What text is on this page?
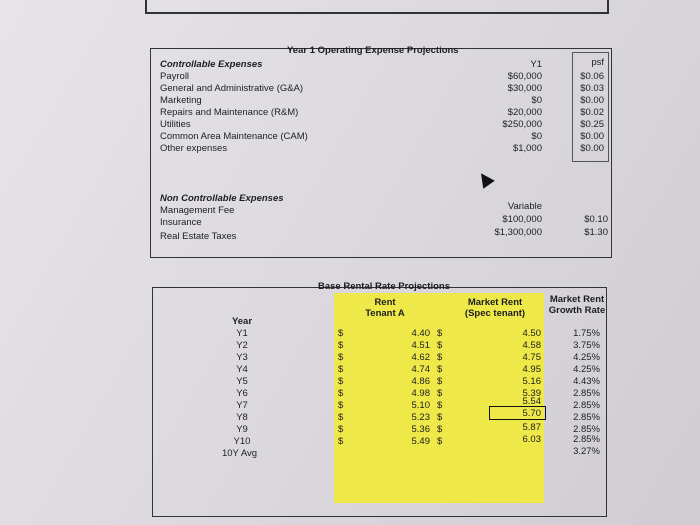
Year 1 Operating Expense Projections
Controllable Expenses	Y1	psf
Payroll	$60,000	$0.06
General and Administrative (G&A)	$30,000	$0.03
Marketing	$0	$0.00
Repairs and Maintenance (R&M)	$20,000	$0.02
Utilities	$250,000	$0.25
Common Area Maintenance (CAM)	$0	$0.00
Other expenses	$1,000	$0.00
Non Controllable Expenses
Management Fee	Variable
Insurance	$100,000	$0.10
Real Estate Taxes	$1,300,000	$1.30
Base Rental Rate Projections
Rent
Tenant A
Market Rent
(Spec tenant)
Market Rent
Growth Rate
Year
Y1	$	4.40 $	4.50	1.75%
Y2	$	4.51 $	4.58	3.75%
Y3	$	4.62 $	4.75	4.25%
Y4	$	4.74 $	4.95	4.25%
Y5	$	4.86 $	5.16	4.43%
Y6	$	4.98 $	5.39	2.85%
Y7	$	5.10 $	5.54	2.85%
Y8	$	5.23 $	5.70	2.85%
Y9	$	5.36 $	5.87	2.85%
Y10	$	5.49 $	6.03	2.85%
10Y Avg	3.27%
